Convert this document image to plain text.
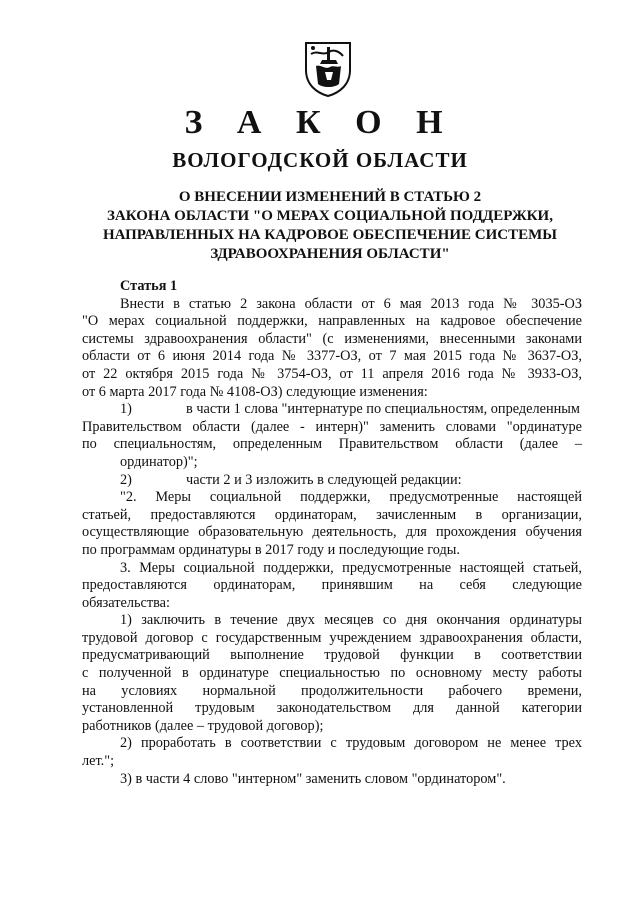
З А К О Н
ВОЛОГОДСКОЙ ОБЛАСТИ
О ВНЕСЕНИИ ИЗМЕНЕНИЙ В СТАТЬЮ 2
ЗАКОНА ОБЛАСТИ "О МЕРАХ СОЦИАЛЬНОЙ ПОДДЕРЖКИ,
НАПРАВЛЕННЫХ НА КАДРОВОЕ ОБЕСПЕЧЕНИЕ СИСТЕМЫ
ЗДРАВООХРАНЕНИЯ ОБЛАСТИ"
Статья 1
Внести в статью 2 закона области от 6 мая 2013 года № 3035-ОЗ
"О мерах социальной поддержки, направленных на кадровое обеспечение
системы здравоохранения области" (с изменениями, внесенными законами
области от 6 июня 2014 года № 3377-ОЗ, от 7 мая 2015 года № 3637-ОЗ,
от 22 октября 2015 года № 3754-ОЗ, от 11 апреля 2016 года № 3933-ОЗ,
от 6 марта 2017 года № 4108-ОЗ) следующие изменения:
1)	в части 1 слова "интернатуре по специальностям, определенным
Правительством области (далее - интерн)" заменить словами "ординатуре
по специальностям, определенным Правительством области (далее –
ординатор)";
2)	части 2 и 3 изложить в следующей редакции:
"2. Меры социальной поддержки, предусмотренные настоящей
статьей, предоставляются ординаторам, зачисленным в организации,
осуществляющие образовательную деятельность, для прохождения обучения
по программам ординатуры в 2017 году и последующие годы.
3. Меры социальной поддержки, предусмотренные настоящей статьей,
предоставляются ординаторам, принявшим на себя следующие
обязательства:
1) заключить в течение двух месяцев со дня окончания ординатуры
трудовой договор с государственным учреждением здравоохранения области,
предусматривающий выполнение трудовой функции в соответствии
с полученной в ординатуре специальностью по основному месту работы
на условиях нормальной продолжительности рабочего времени,
установленной трудовым законодательством для данной категории
работников (далее – трудовой договор);
2) проработать в соответствии с трудовым договором не менее трех
лет.";
3) в части 4 слово "интерном" заменить словом "ординатором".
